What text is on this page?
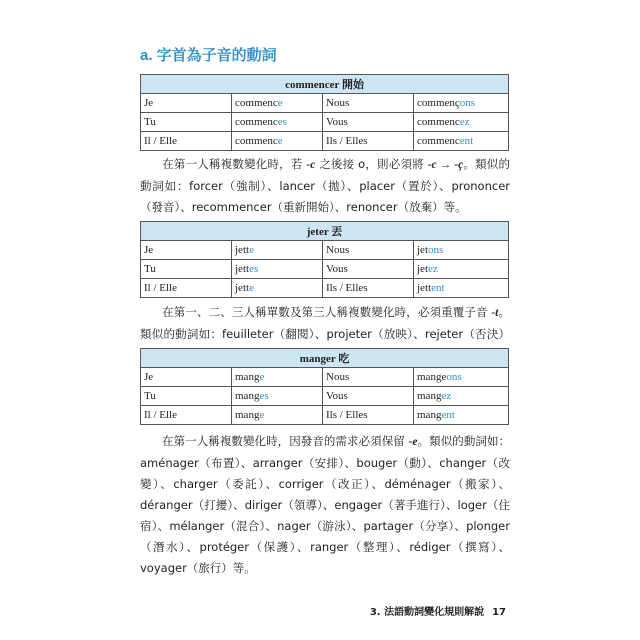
a. 字首為子音的動詞
commencer 開始			
Je	commence	Nous	commençons
Tu	commences	Vous	commencez
Il / Elle	commence	Ils / Elles	commencent

在第一人稱複數變化時，若 -c 之後接 o，則必須將 -c → -ç。類似的動詞如：forcer（強制）、lancer（拋）、placer（置於）、prononcer（發音）、recommencer（重新開始）、renoncer（放棄）等。

jeter 丟			
Je	jette	Nous	jetons
Tu	jettes	Vous	jetez
Il / Elle	jette	Ils / Elles	jettent

在第一、二、三人稱單數及第三人稱複數變化時，必須重覆子音 -t。類似的動詞如：feuilleter（翻閱）、projeter（放映）、rejeter（否決）

manger 吃			
Je	mange	Nous	mangeons
Tu	manges	Vous	mangez
Il / Elle	mange	Ils / Elles	mangent

在第一人稱複數變化時，因發音的需求必須保留 -e。類似的動詞如：aménager（布置）、arranger（安排）、bouger（動）、changer（改變）、charger（委託）、corriger（改正）、déménager（搬家）、déranger（打擾）、diriger（領導）、engager（著手進行）、loger（住宿）、mélanger（混合）、nager（游泳）、partager（分享）、plonger（潛水）、protéger（保護）、ranger（整理）、rédiger（撰寫）、voyager（旅行）等。

3. 法語動詞變化規則解說 17
